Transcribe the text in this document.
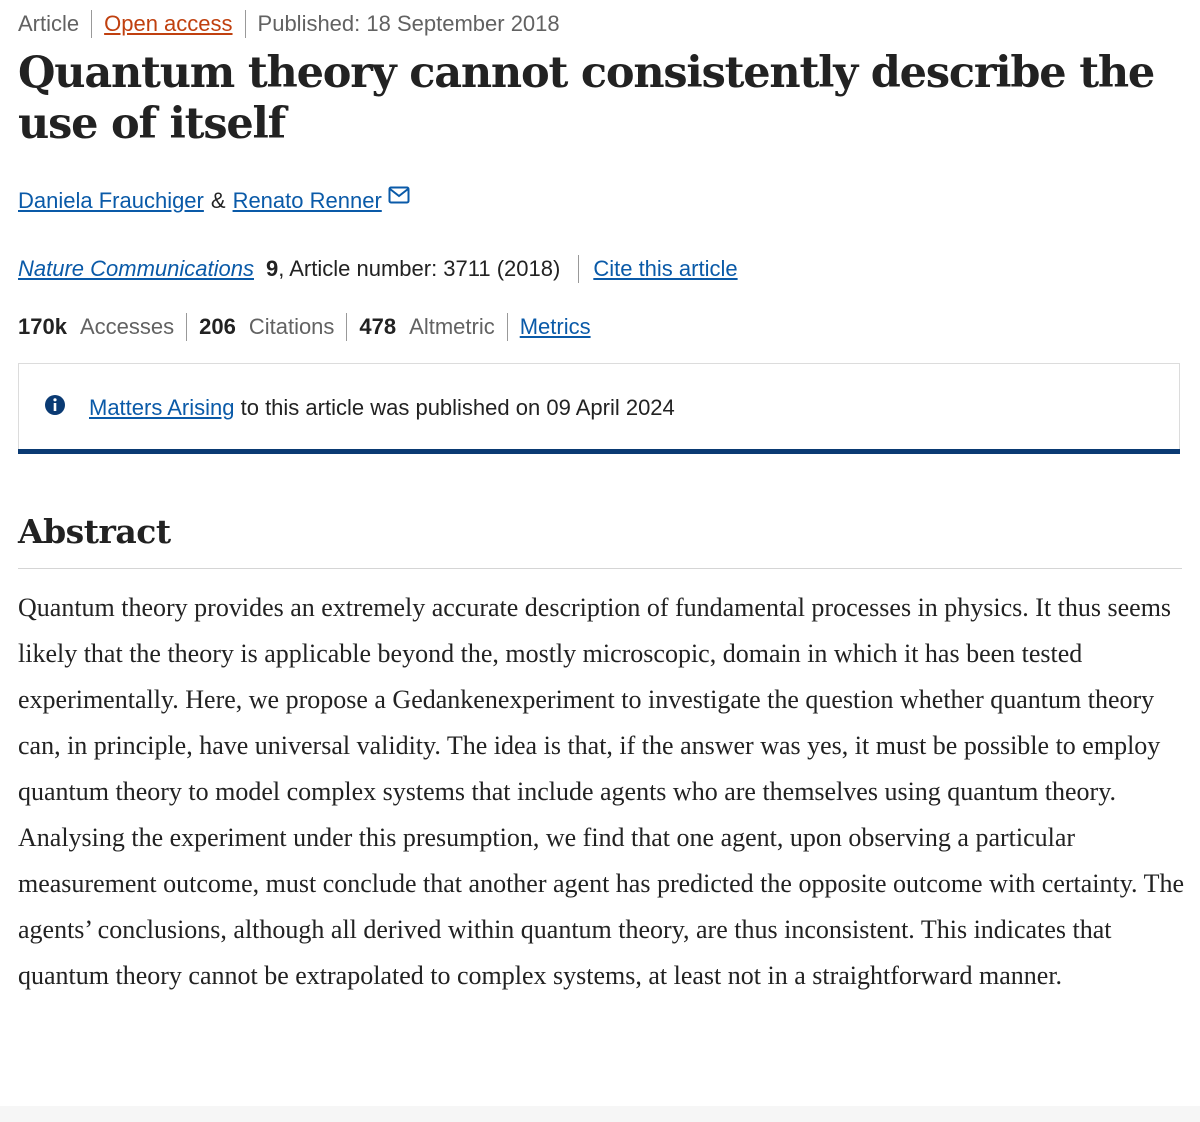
Article Open access Published: 18 September 2018
Quantum theory cannot consistently describe the use of itself
Daniela Frauchiger & Renato Renner
Nature Communications 9 , Article number: 3711 (2018) Cite this article
170k Accesses 206 Citations 478 Altmetric Metrics
Matters Arising to this article was published on 09 April 2024
Abstract

Quantum theory provides an extremely accurate description of fundamental processes in physics. It thus seems likely that the theory is applicable beyond the, mostly microscopic, domain in which it has been tested experimentally. Here, we propose a Gedankenexperiment to investigate the question whether quantum theory can, in principle, have universal validity. The idea is that, if the answer was yes, it must be possible to employ quantum theory to model complex systems that include agents who are themselves using quantum theory. Analysing the experiment under this presumption, we find that one agent, upon observing a particular measurement outcome, must conclude that another agent has predicted the opposite outcome with certainty. The agents’ conclusions, although all derived within quantum theory, are thus inconsistent. This indicates that quantum theory cannot be extrapolated to complex systems, at least not in a straightforward manner.
